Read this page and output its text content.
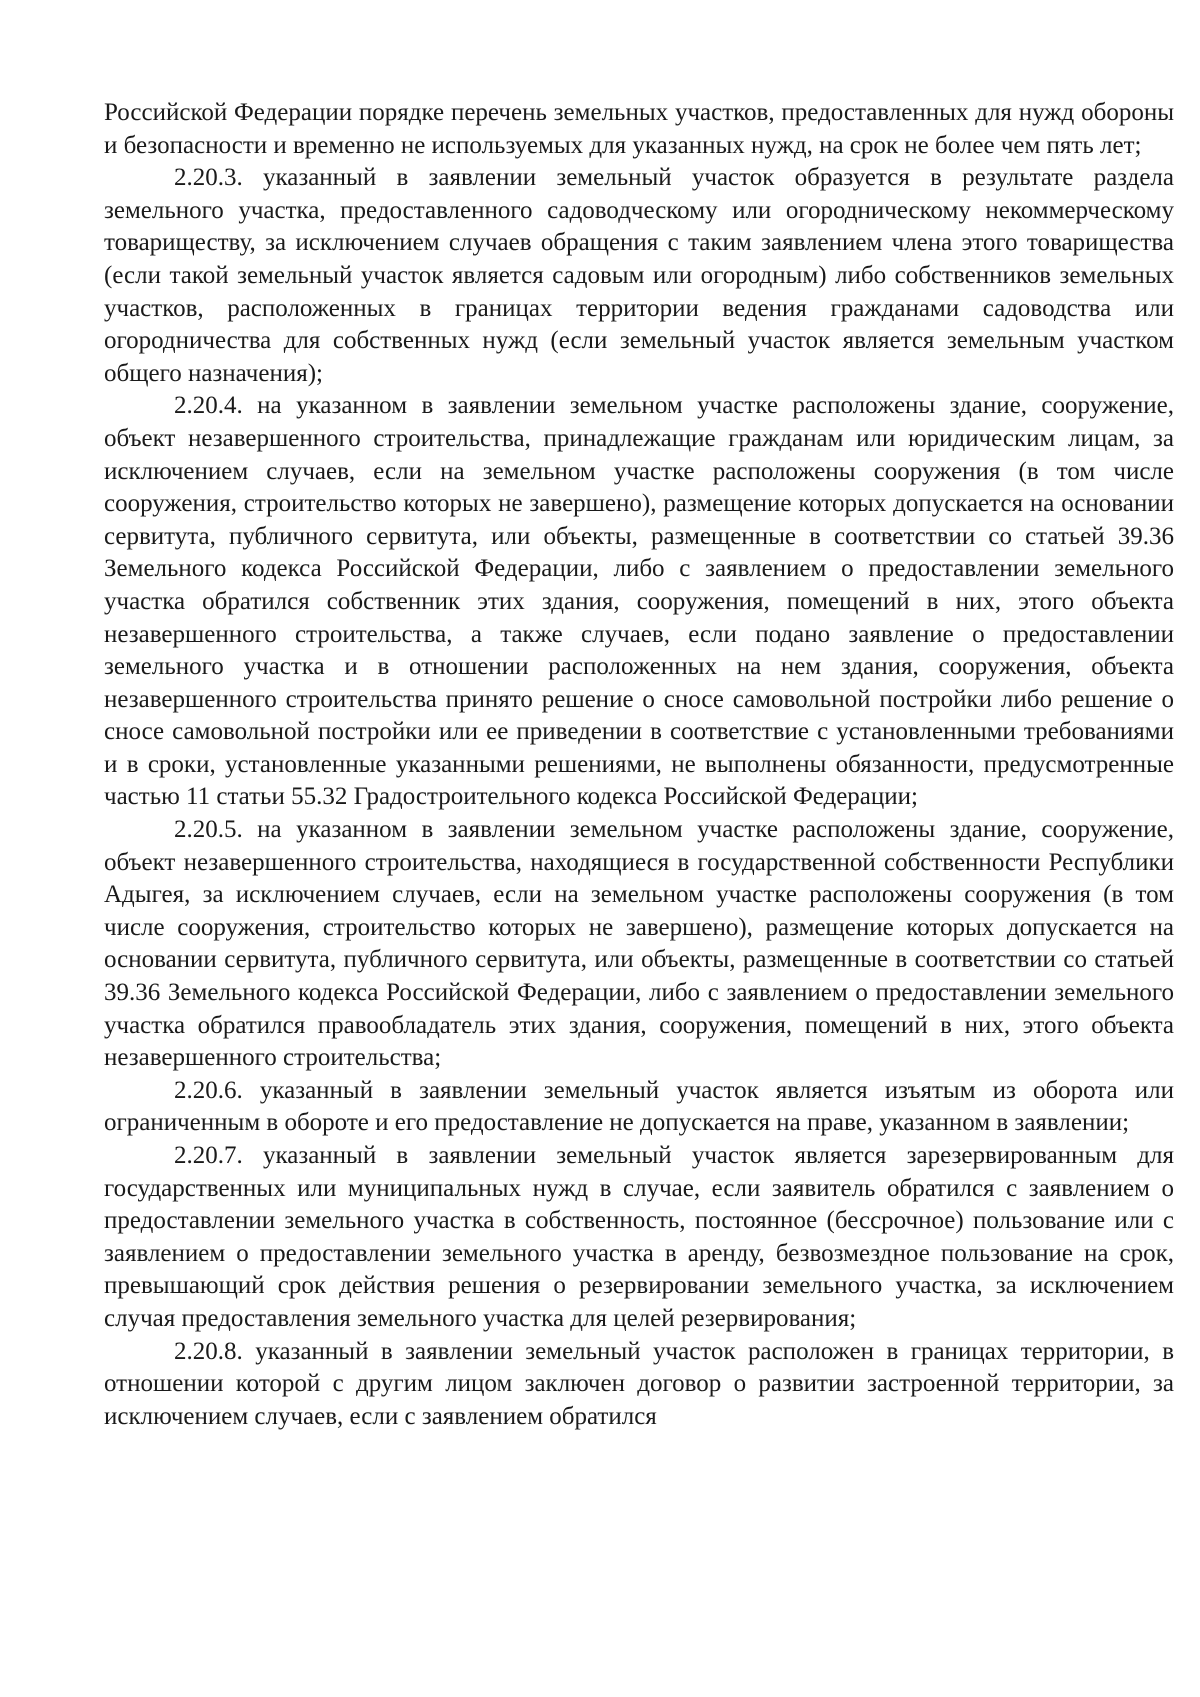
Российской Федерации порядке перечень земельных участков, предоставленных для нужд обороны и безопасности и временно не используемых для указанных нужд, на срок не более чем пять лет;

2.20.3. указанный в заявлении земельный участок образуется в результате раздела земельного участка, предоставленного садоводческому или огородническому некоммерческому товариществу, за исключением случаев обращения с таким заявлением члена этого товарищества (если такой земельный участок является садовым или огородным) либо собственников земельных участков, расположенных в границах территории ведения гражданами садоводства или огородничества для собственных нужд (если земельный участок является земельным участком общего назначения);

2.20.4. на указанном в заявлении земельном участке расположены здание, сооружение, объект незавершенного строительства, принадлежащие гражданам или юридическим лицам, за исключением случаев, если на земельном участке расположены сооружения (в том числе сооружения, строительство которых не завершено), размещение которых допускается на основании сервитута, публичного сервитута, или объекты, размещенные в соответствии со статьей 39.36 Земельного кодекса Российской Федерации, либо с заявлением о предоставлении земельного участка обратился собственник этих здания, сооружения, помещений в них, этого объекта незавершенного строительства, а также случаев, если подано заявление о предоставлении земельного участка и в отношении расположенных на нем здания, сооружения, объекта незавершенного строительства принято решение о сносе самовольной постройки либо решение о сносе самовольной постройки или ее приведении в соответствие с установленными требованиями и в сроки, установленные указанными решениями, не выполнены обязанности, предусмотренные частью 11 статьи 55.32 Градостроительного кодекса Российской Федерации;

2.20.5. на указанном в заявлении земельном участке расположены здание, сооружение, объект незавершенного строительства, находящиеся в государственной собственности Республики Адыгея, за исключением случаев, если на земельном участке расположены сооружения (в том числе сооружения, строительство которых не завершено), размещение которых допускается на основании сервитута, публичного сервитута, или объекты, размещенные в соответствии со статьей 39.36 Земельного кодекса Российской Федерации, либо с заявлением о предоставлении земельного участка обратился правообладатель этих здания, сооружения, помещений в них, этого объекта незавершенного строительства;

2.20.6. указанный в заявлении земельный участок является изъятым из оборота или ограниченным в обороте и его предоставление не допускается на праве, указанном в заявлении;

2.20.7. указанный в заявлении земельный участок является зарезервированным для государственных или муниципальных нужд в случае, если заявитель обратился с заявлением о предоставлении земельного участка в собственность, постоянное (бессрочное) пользование или с заявлением о предоставлении земельного участка в аренду, безвозмездное пользование на срок, превышающий срок действия решения о резервировании земельного участка, за исключением случая предоставления земельного участка для целей резервирования;

2.20.8. указанный в заявлении земельный участок расположен в границах территории, в отношении которой с другим лицом заключен договор о развитии застроенной территории, за исключением случаев, если с заявлением обратился
